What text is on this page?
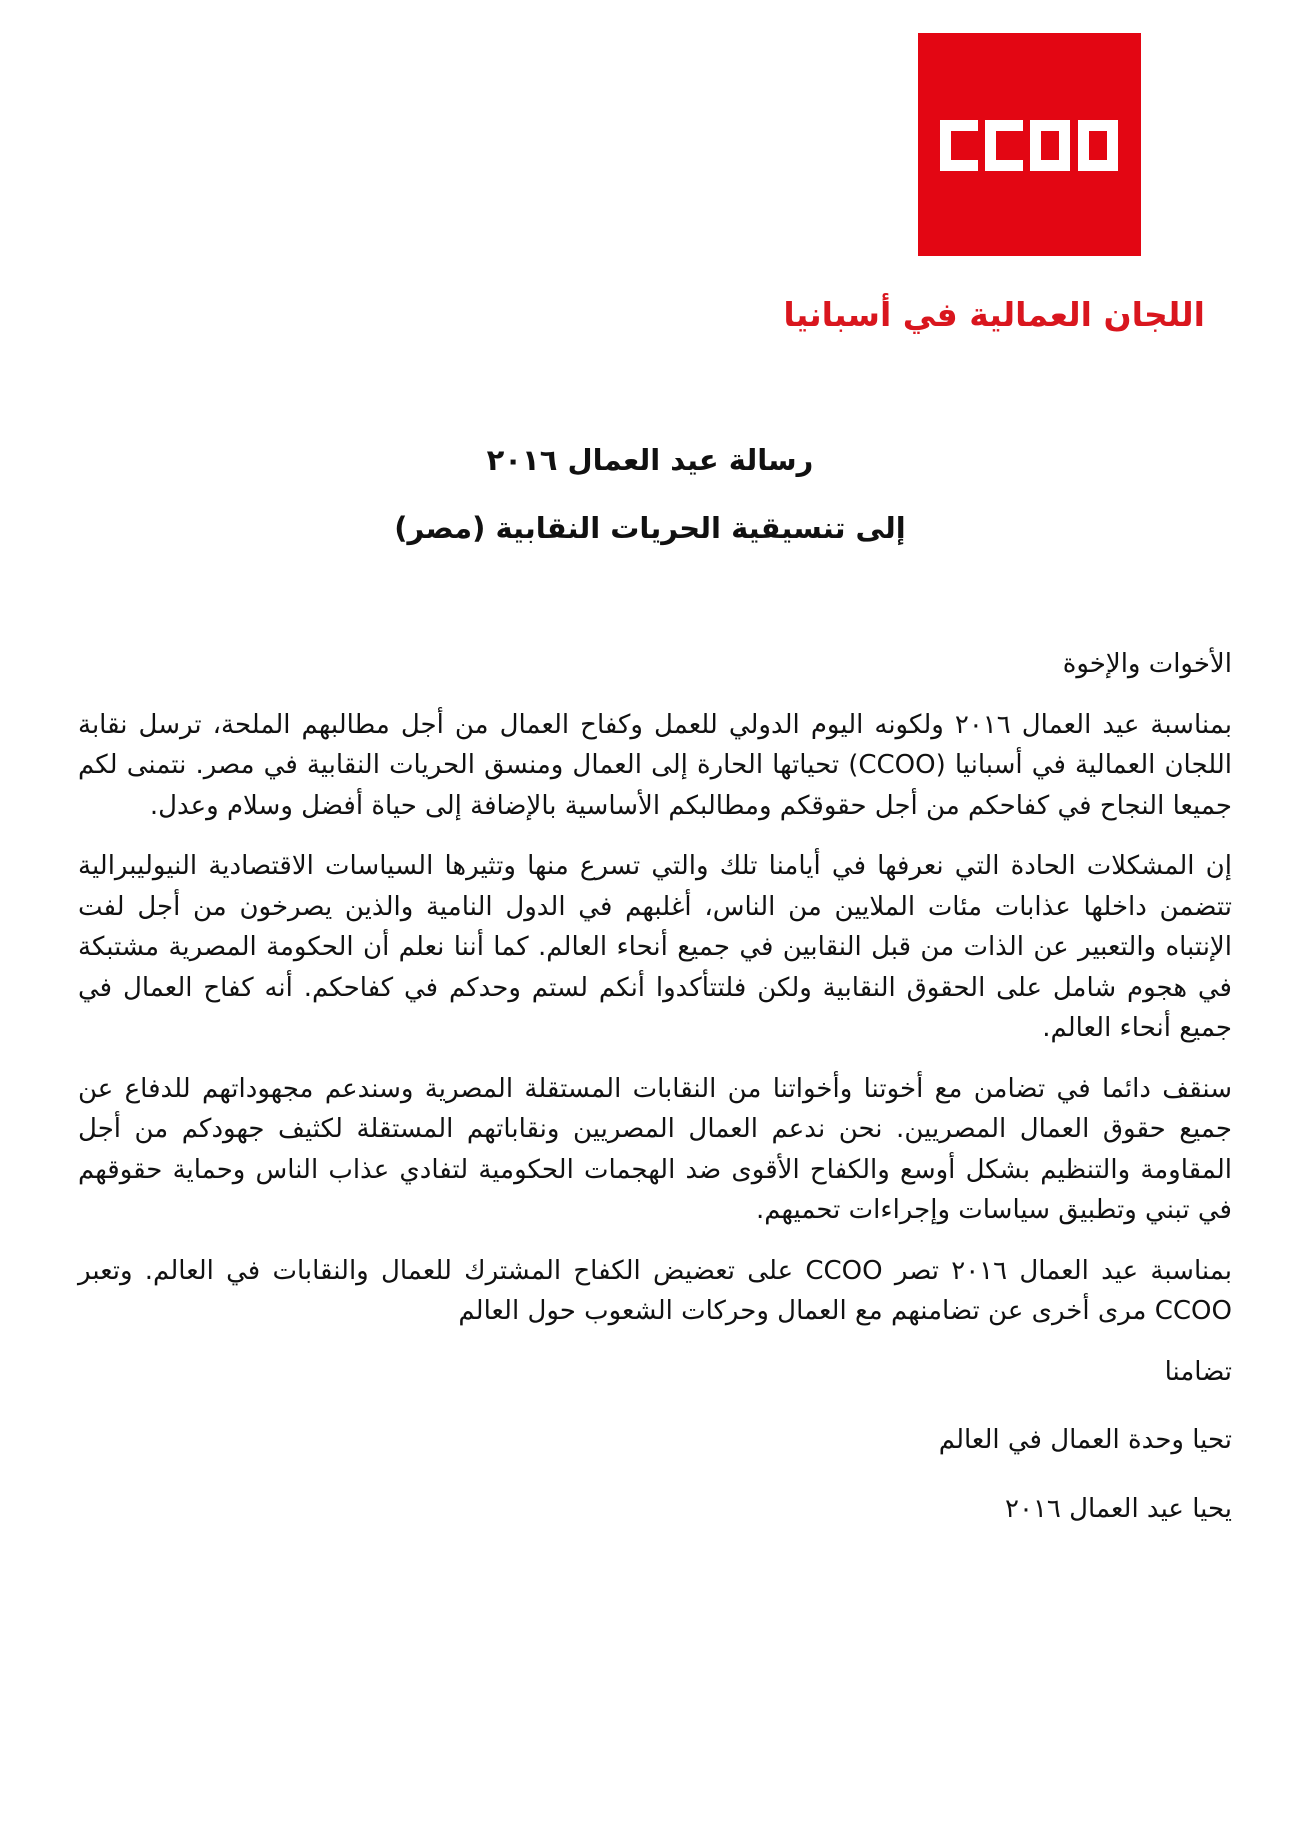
اللجان العمالية في أسبانيا
رسالة عيد العمال ٢٠١٦
إلى تنسيقية الحريات النقابية (مصر)

الأخوات والإخوة

بمناسبة عيد العمال ٢٠١٦ ولكونه اليوم الدولي للعمل وكفاح العمال من أجل مطالبهم الملحة، ترسل نقابة اللجان العمالية في أسبانيا (CCOO) تحياتها الحارة إلى العمال ومنسق الحريات النقابية في مصر. نتمنى لكم جميعا النجاح في كفاحكم من أجل حقوقكم ومطالبكم الأساسية بالإضافة إلى حياة أفضل وسلام وعدل.

إن المشكلات الحادة التي نعرفها في أيامنا تلك والتي تسرع منها وتثيرها السياسات الاقتصادية النيوليبرالية تتضمن داخلها عذابات مئات الملايين من الناس، أغلبهم في الدول النامية والذين يصرخون من أجل لفت الإنتباه والتعبير عن الذات من قبل النقابين في جميع أنحاء العالم. كما أننا نعلم أن الحكومة المصرية مشتبكة في هجوم شامل على الحقوق النقابية ولكن فلتتأكدوا أنكم لستم وحدكم في كفاحكم. أنه كفاح العمال في جميع أنحاء العالم.

سنقف دائما في تضامن مع أخوتنا وأخواتنا من النقابات المستقلة المصرية وسندعم مجهوداتهم للدفاع عن جميع حقوق العمال المصريين. نحن ندعم العمال المصريين ونقاباتهم المستقلة لكثيف جهودكم من أجل المقاومة والتنظيم بشكل أوسع والكفاح الأقوى ضد الهجمات الحكومية لتفادي عذاب الناس وحماية حقوقهم في تبني وتطبيق سياسات وإجراءات تحميهم.

بمناسبة عيد العمال ٢٠١٦ تصر CCOO على تعضيض الكفاح المشترك للعمال والنقابات في العالم. وتعبر CCOO مرى أخرى عن تضامنهم مع العمال وحركات الشعوب حول العالم

تضامنا

تحيا وحدة العمال في العالم

يحيا عيد العمال ٢٠١٦
